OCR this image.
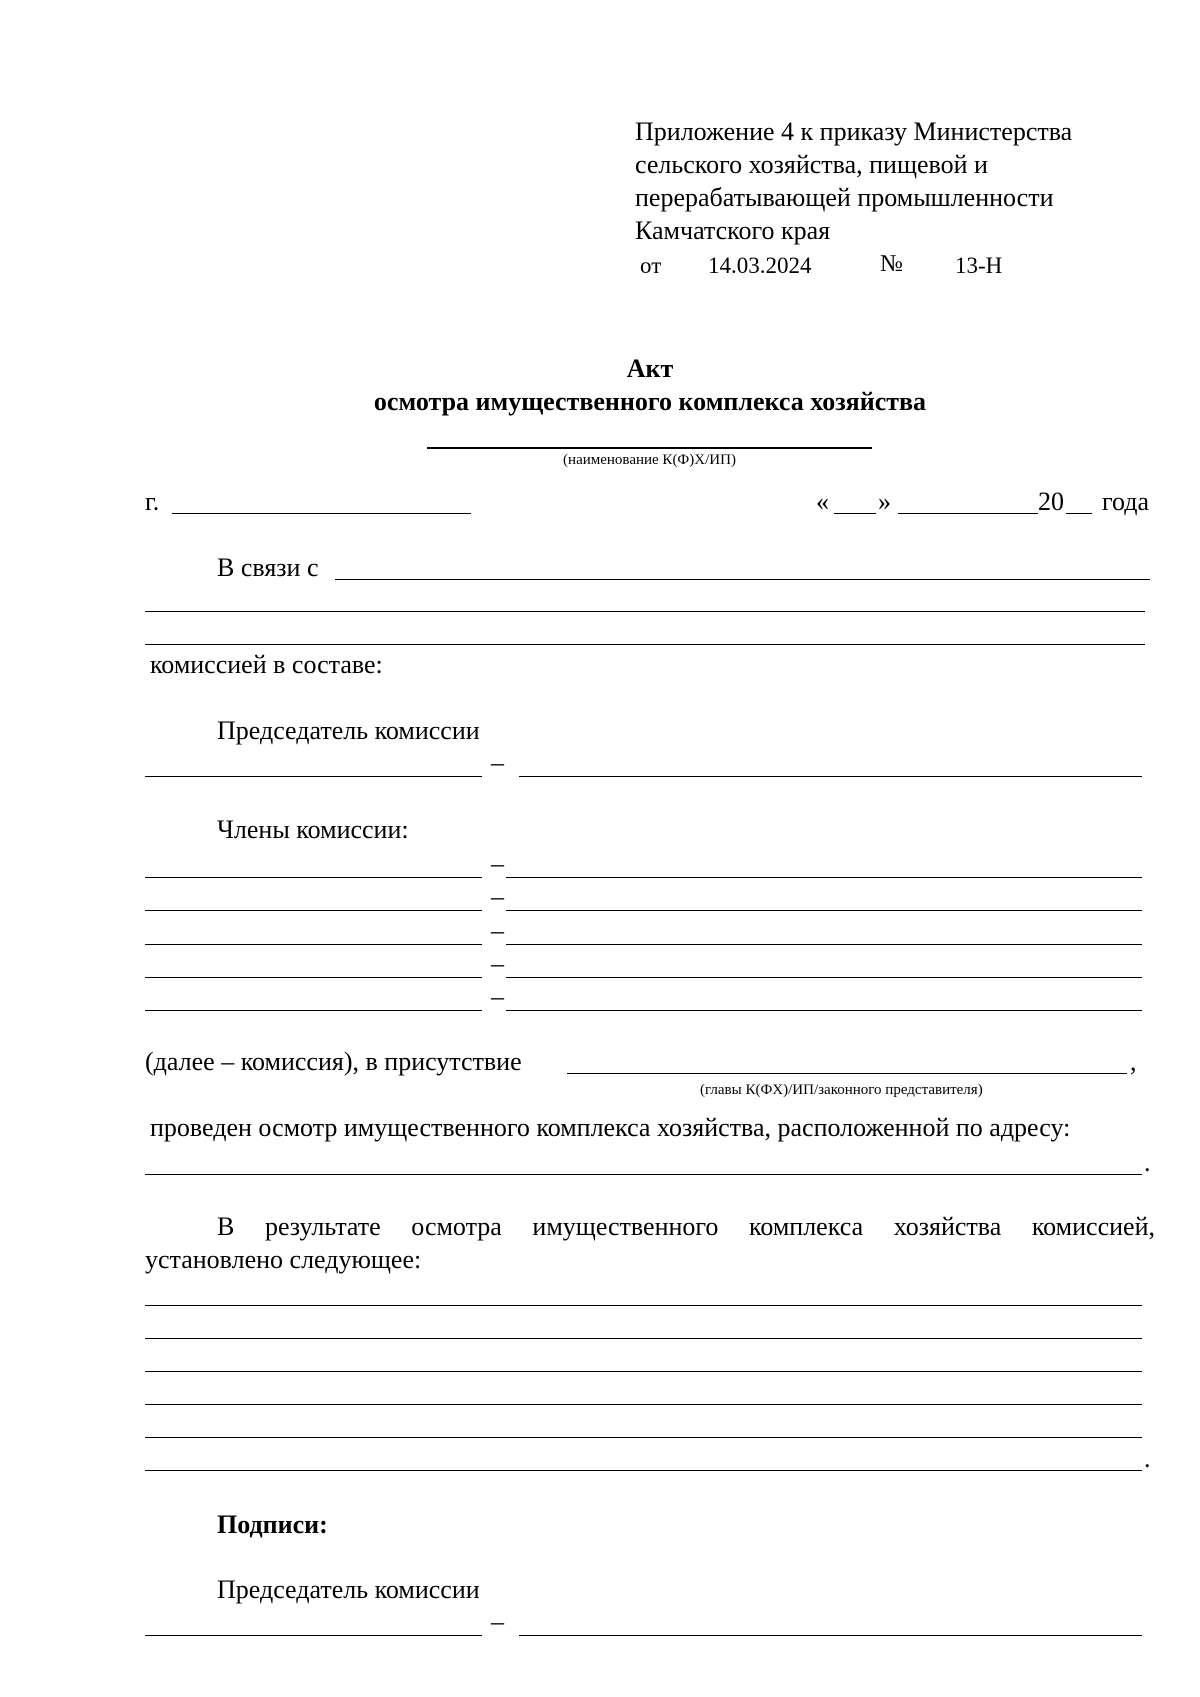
Приложение 4 к приказу Министерства
сельского хозяйства, пищевой и
перерабатывающей промышленности
Камчатского края
от 14.03.2024	№ 13-Н
Акт
осмотра имущественного комплекса хозяйства
(наименование К(Ф)Х/ИП)
г.	« »	20 года
В связи с
комиссией в составе:
Председатель комиссии
–
Члены комиссии:
–
–
–
–
–
(далее – комиссия), в присутствие	,
(главы К(ФХ)/ИП/законного представителя)
проведен осмотр имущественного комплекса хозяйства, расположенной по адресу:
.
В результате осмотра имущественного комплекса хозяйства комиссией,
установлено следующее:
.
Подписи:
Председатель комиссии
–
